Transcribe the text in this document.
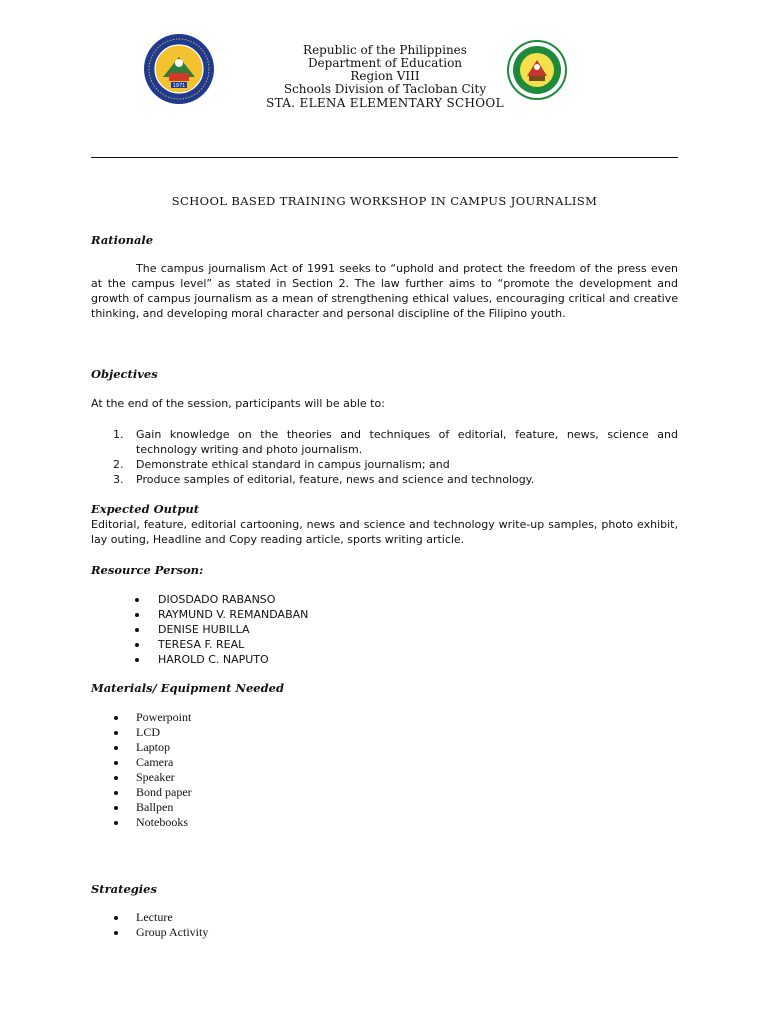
1971
Republic of the Philippines
Department of Education
Region VIII
Schools Division of Tacloban City
STA. ELENA ELEMENTARY SCHOOL
SCHOOL BASED TRAINING WORKSHOP IN CAMPUS JOURNALISM
Rationale
The campus journalism Act of 1991 seeks to “uphold and protect the freedom of the press even at the campus level” as stated in Section 2. The law further aims to “promote the development and growth of campus journalism as a mean of strengthening ethical values, encouraging critical and creative thinking, and developing moral character and personal discipline of the Filipino youth.
Objectives
At the end of the session, participants will be able to:
1. Gain knowledge on the theories and techniques of editorial, feature, news, science and technology writing and photo journalism.
2. Demonstrate ethical standard in campus journalism; and
3. Produce samples of editorial, feature, news and science and technology.
Expected Output
Editorial, feature, editorial cartooning, news and science and technology write-up samples, photo exhibit, lay outing, Headline and Copy reading article, sports writing article.
Resource Person:
DIOSDADO RABANSO
RAYMUND V. REMANDABAN
DENISE HUBILLA
TERESA F. REAL
HAROLD C. NAPUTO
Materials/ Equipment Needed
Powerpoint
LCD
Laptop
Camera
Speaker
Bond paper
Ballpen
Notebooks
Strategies
Lecture
Group Activity
